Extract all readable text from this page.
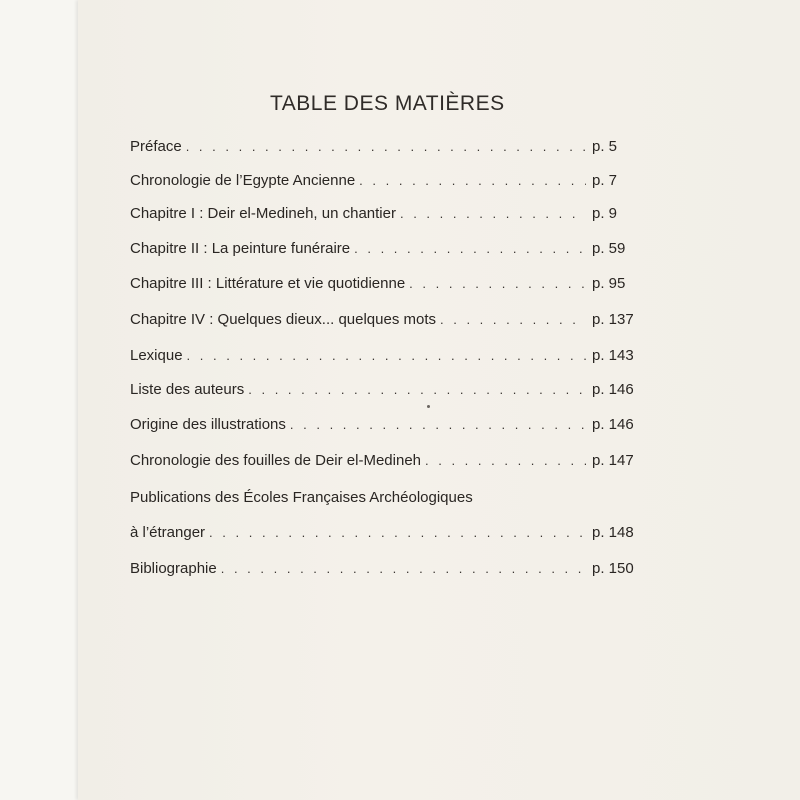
TABLE DES MATIÈRES
Préface . . .	p. 5
Chronologie de l’Egypte Ancienne . . .	p. 7
Chapitre I : Deir el-Medineh, un chantier . . .	p. 9
Chapitre II : La peinture funéraire . . .	p. 59
Chapitre III : Littérature et vie quotidienne . . .	p. 95
Chapitre IV : Quelques dieux... quelques mots . . .	p. 137
Lexique . . .	p. 143
Liste des auteurs . . .	p. 146
Origine des illustrations . . .	p. 146
Chronologie des fouilles de Deir el-Medineh . . .	p. 147
Publications des Écoles Françaises Archéologiques
à l’étranger . . .	p. 148
Bibliographie . . .	p. 150
